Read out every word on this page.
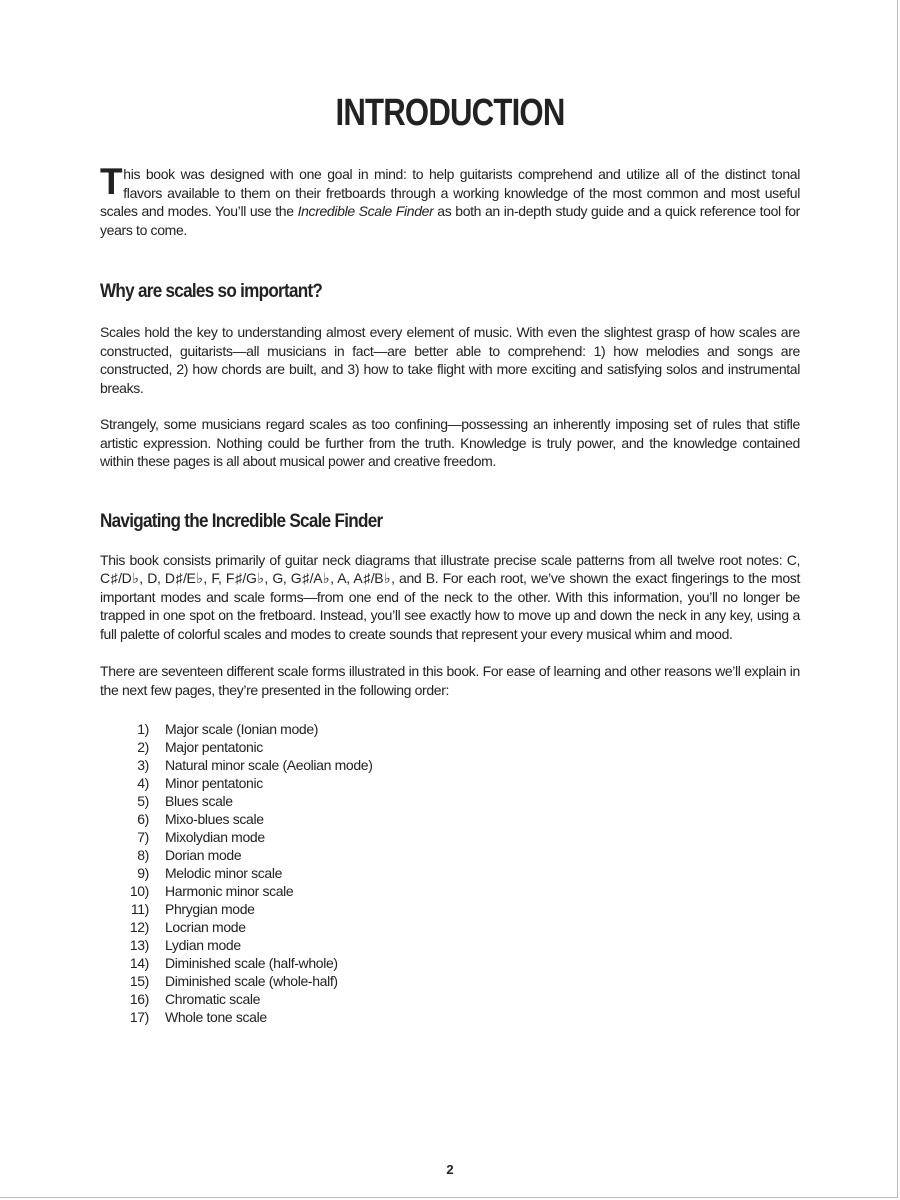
INTRODUCTION

This book was designed with one goal in mind: to help guitarists comprehend and utilize all of the distinct tonal flavors available to them on their fretboards through a working knowledge of the most common and most useful scales and modes. You’ll use the Incredible Scale Finder as both an in-depth study guide and a quick reference tool for years to come.

Why are scales so important?

Scales hold the key to understanding almost every element of music. With even the slightest grasp of how scales are constructed, guitarists—all musicians in fact—are better able to comprehend: 1) how melodies and songs are constructed, 2) how chords are built, and 3) how to take flight with more exciting and satisfying solos and instrumental breaks.

Strangely, some musicians regard scales as too confining—possessing an inherently imposing set of rules that stifle artistic expression. Nothing could be further from the truth. Knowledge is truly power, and the knowledge contained within these pages is all about musical power and creative freedom.

Navigating the Incredible Scale Finder

This book consists primarily of guitar neck diagrams that illustrate precise scale patterns from all twelve root notes: C, C♯/D♭, D, D♯/E♭, F, F♯/G♭, G, G♯/A♭, A, A♯/B♭, and B. For each root, we’ve shown the exact fingerings to the most important modes and scale forms—from one end of the neck to the other. With this information, you’ll no longer be trapped in one spot on the fretboard. Instead, you’ll see exactly how to move up and down the neck in any key, using a full palette of colorful scales and modes to create sounds that represent your every musical whim and mood.

There are seventeen different scale forms illustrated in this book. For ease of learning and other reasons we’ll explain in the next few pages, they’re presented in the following order:

1)	Major scale (Ionian mode)
2)	Major pentatonic
3)	Natural minor scale (Aeolian mode)
4)	Minor pentatonic
5)	Blues scale
6)	Mixo-blues scale
7)	Mixolydian mode
8)	Dorian mode
9)	Melodic minor scale
10)	Harmonic minor scale
11)	Phrygian mode
12)	Locrian mode
13)	Lydian mode
14)	Diminished scale (half-whole)
15)	Diminished scale (whole-half)
16)	Chromatic scale
17)	Whole tone scale
2
